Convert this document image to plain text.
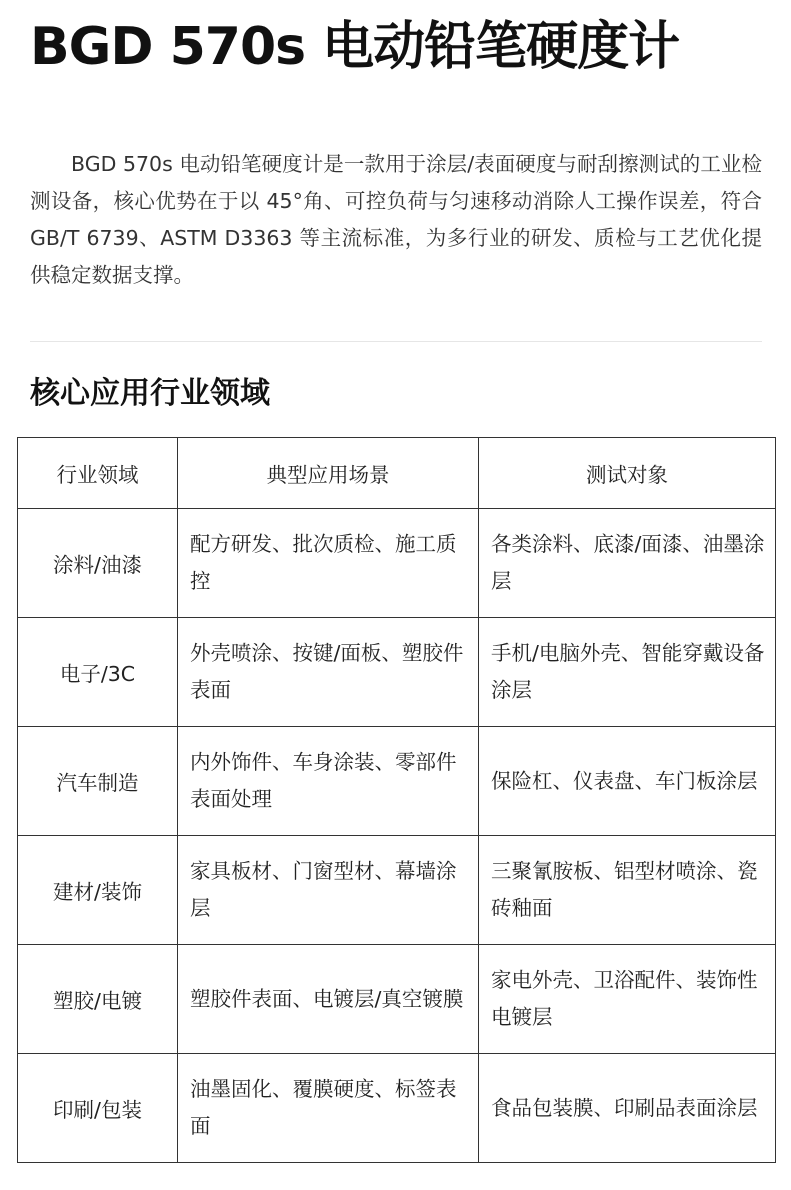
BGD 570s 电动铅笔硬度计

BGD 570s 电动铅笔硬度计是一款用于涂层/表面硬度与耐刮擦测试的工业检测设备，核心优势在于以 45°角、可控负荷与匀速移动消除人工操作误差，符合 GB/T 6739、ASTM D3363 等主流标准，为多行业的研发、质检与工艺优化提供稳定数据支撑。

核心应用行业领域
行业领域	典型应用场景	测试对象
涂料/油漆	配方研发、批次质检、施工质控	各类涂料、底漆/面漆、油墨涂层
电子/3C	外壳喷涂、按键/面板、塑胶件表面	手机/电脑外壳、智能穿戴设备涂层
汽车制造	内外饰件、车身涂装、零部件表面处理	保险杠、仪表盘、车门板涂层
建材/装饰	家具板材、门窗型材、幕墙涂层	三聚氰胺板、铝型材喷涂、瓷砖釉面
塑胶/电镀	塑胶件表面、电镀层/真空镀膜	家电外壳、卫浴配件、装饰性电镀层
印刷/包装	油墨固化、覆膜硬度、标签表面	食品包装膜、印刷品表面涂层
